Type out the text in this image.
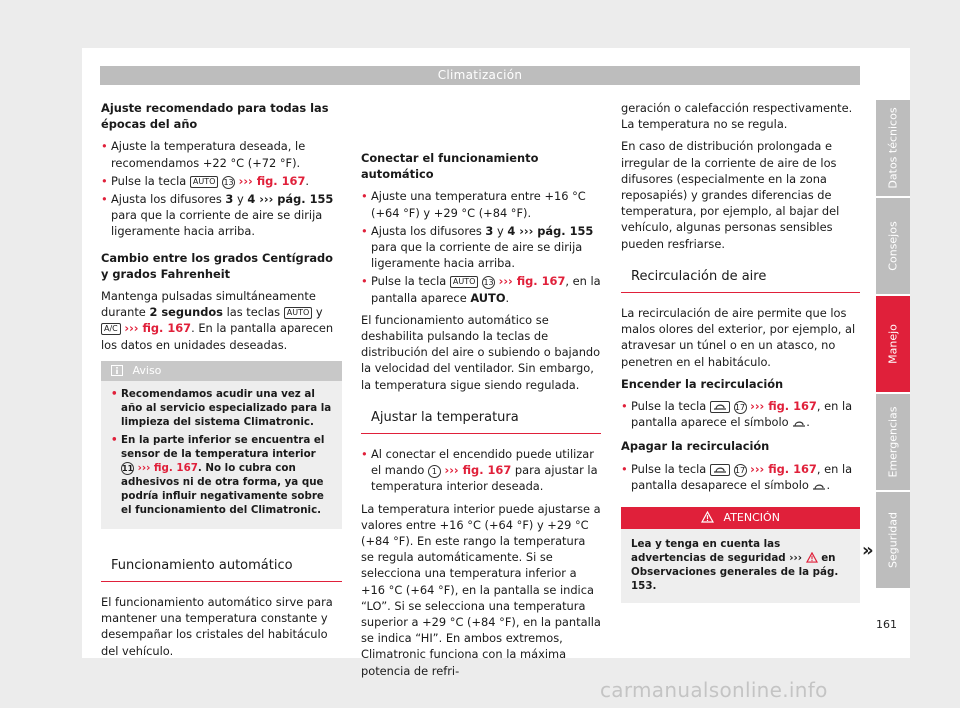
Climatización

Ajuste recomendado para todas las épocas del año

• Ajuste la temperatura deseada, le recomendamos +22 °C (+72 °F).
• Pulse la tecla AUTO 13 ››› fig. 167.
• Ajusta los difusores 3 y 4 ››› pág. 155 para que la corriente de aire se dirija ligeramente hacia arriba.

Cambio entre los grados Centígrado y grados Fahrenheit

Mantenga pulsadas simultáneamente durante 2 segundos las teclas AUTO y A/C ››› fig. 167. En la pantalla aparecen los datos en unidades deseadas.

Aviso
• Recomendamos acudir una vez al año al servicio especializado para la limpieza del sistema Climatronic.
• En la parte inferior se encuentra el sensor de la temperatura interior 11 ››› fig. 167. No lo cubra con adhesivos ni de otra forma, ya que podría influir negativamente sobre el funcionamiento del Climatronic.
Funcionamiento automático

El funcionamiento automático sirve para mantener una temperatura constante y desempañar los cristales del habitáculo del vehículo.

Conectar el funcionamiento automático

• Ajuste una temperatura entre +16 °C (+64 °F) y +29 °C (+84 °F).
• Ajusta los difusores 3 y 4 ››› pág. 155 para que la corriente de aire se dirija ligeramente hacia arriba.
• Pulse la tecla AUTO 13 ››› fig. 167, en la pantalla aparece AUTO.

El funcionamiento automático se deshabilita pulsando la teclas de distribución del aire o subiendo o bajando la velocidad del ventilador. Sin embargo, la temperatura sigue siendo regulada.

Ajustar la temperatura
• Al conectar el encendido puede utilizar el mando 1 ››› fig. 167 para ajustar la temperatura interior deseada.

La temperatura interior puede ajustarse a valores entre +16 °C (+64 °F) y +29 °C (+84 °F). En este rango la temperatura se regula automáticamente. Si se selecciona una temperatura inferior a +16 °C (+64 °F), en la pantalla se indica “LO”. Si se selecciona una temperatura superior a +29 °C (+84 °F), en la pantalla se indica “HI”. En ambos extremos, Climatronic funciona con la máxima potencia de refri-

geración o calefacción respectivamente. La temperatura no se regula.

En caso de distribución prolongada e irregular de la corriente de aire de los difusores (especialmente en la zona reposapiés) y grandes diferencias de temperatura, por ejemplo, al bajar del vehículo, algunas personas sensibles pueden resfriarse.

Recirculación de aire

La recirculación de aire permite que los malos olores del exterior, por ejemplo, al atravesar un túnel o en un atasco, no penetren en el habitáculo.

Encender la recirculación

• Pulse la tecla	17 ››› fig. 167, en la pantalla aparece el símbolo .

Apagar la recirculación

• Pulse la tecla	17 ››› fig. 167, en la pantalla desaparece el símbolo .
ATENCIÓN
Lea y tenga en cuenta las advertencias de seguridad ››› en Observaciones generales de la pág. 153.
Datos técnicos
Consejos
Manejo
Emergencias
Seguridad
»
161
carmanualsonline.info
